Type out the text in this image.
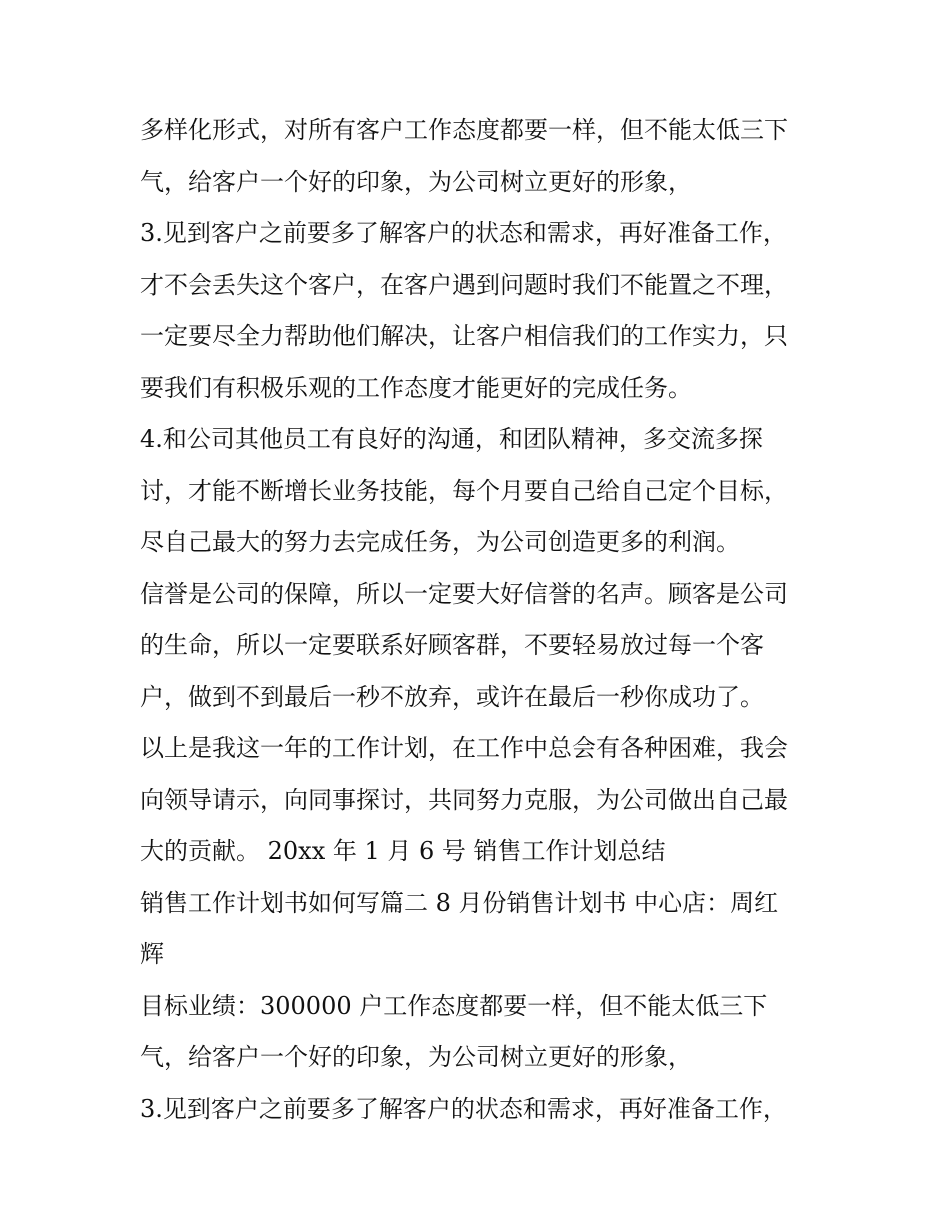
多样化形式，对所有客户工作态度都要一样，但不能太低三下
气，给客户一个好的印象，为公司树立更好的形象，
3.见到客户之前要多了解客户的状态和需求，再好准备工作，
才不会丢失这个客户，在客户遇到问题时我们不能置之不理，
一定要尽全力帮助他们解决，让客户相信我们的工作实力，只
要我们有积极乐观的工作态度才能更好的完成任务。
4.和公司其他员工有良好的沟通，和团队精神，多交流多探
讨，才能不断增长业务技能，每个月要自己给自己定个目标，
尽自己最大的努力去完成任务，为公司创造更多的利润。
信誉是公司的保障，所以一定要大好信誉的名声。顾客是公司
的生命，所以一定要联系好顾客群，不要轻易放过每一个客
户，做到不到最后一秒不放弃，或许在最后一秒你成功了。
以上是我这一年的工作计划，在工作中总会有各种困难，我会
向领导请示，向同事探讨，共同努力克服，为公司做出自己最
大的贡献。 20xx 年 1 月 6 号 销售工作计划总结
销售工作计划书如何写篇二 8 月份销售计划书 中心店：周红
辉
目标业绩：300000 户工作态度都要一样，但不能太低三下
气，给客户一个好的印象，为公司树立更好的形象，
3.见到客户之前要多了解客户的状态和需求，再好准备工作，
